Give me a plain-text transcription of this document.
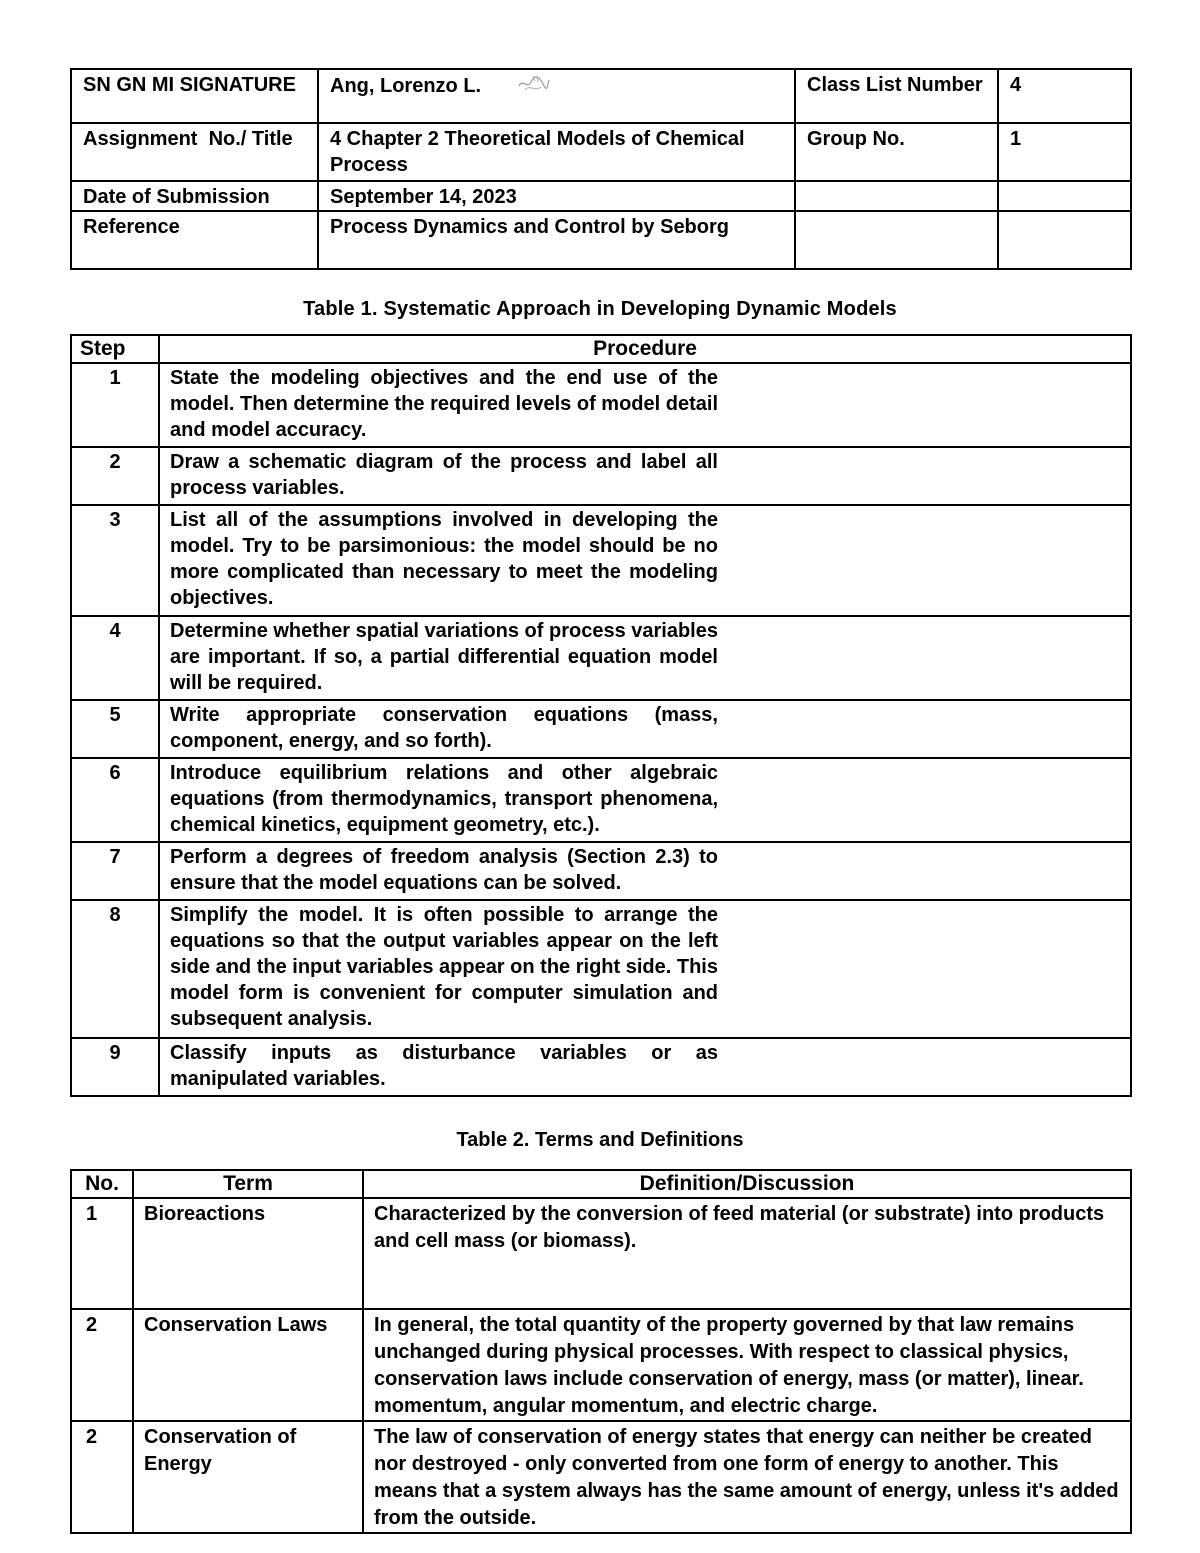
SN GN MI SIGNATURE	Ang, Lorenzo L.	Class List Number	4
Assignment  No./ Title	4 Chapter 2 Theoretical Models of Chemical Process	Group No.	1
Date of Submission	September 14, 2023		
Reference	Process Dynamics and Control by Seborg		
Table 1. Systematic Approach in Developing Dynamic Models
Step	Procedure
1	State the modeling objectives and the end use of the model. Then determine the required levels of model detail and model accuracy.

2	Draw a schematic diagram of the process and label all process variables.

3	List all of the assumptions involved in developing the model. Try to be parsimonious: the model should be no more complicated than necessary to meet the modeling objectives.

4	Determine whether spatial variations of process variables are important. If so, a partial differential equation model will be required.

5	Write appropriate conservation equations (mass, component, energy, and so forth).

6	Introduce equilibrium relations and other algebraic equations (from thermodynamics, transport phenomena, chemical kinetics, equipment geometry, etc.).

7	Perform a degrees of freedom analysis (Section 2.3) to ensure that the model equations can be solved.

8	Simplify the model. It is often possible to arrange the equations so that the output variables appear on the left side and the input variables appear on the right side. This model form is convenient for computer simulation and subsequent analysis.

9	Classify inputs as disturbance variables or as manipulated variables.
Table 2. Terms and Definitions
No.	Term	Definition/Discussion
1	Bioreactions	Characterized by the conversion of feed material (or substrate) into products and cell mass (or biomass).
2	Conservation Laws	In general, the total quantity of the property governed by that law remains unchanged during physical processes. With respect to classical physics, conservation laws include conservation of energy, mass (or matter), linear. momentum, angular momentum, and electric charge.
2	Conservation of Energy	The law of conservation of energy states that energy can neither be created nor destroyed - only converted from one form of energy to another. This means that a system always has the same amount of energy, unless it's added from the outside.
